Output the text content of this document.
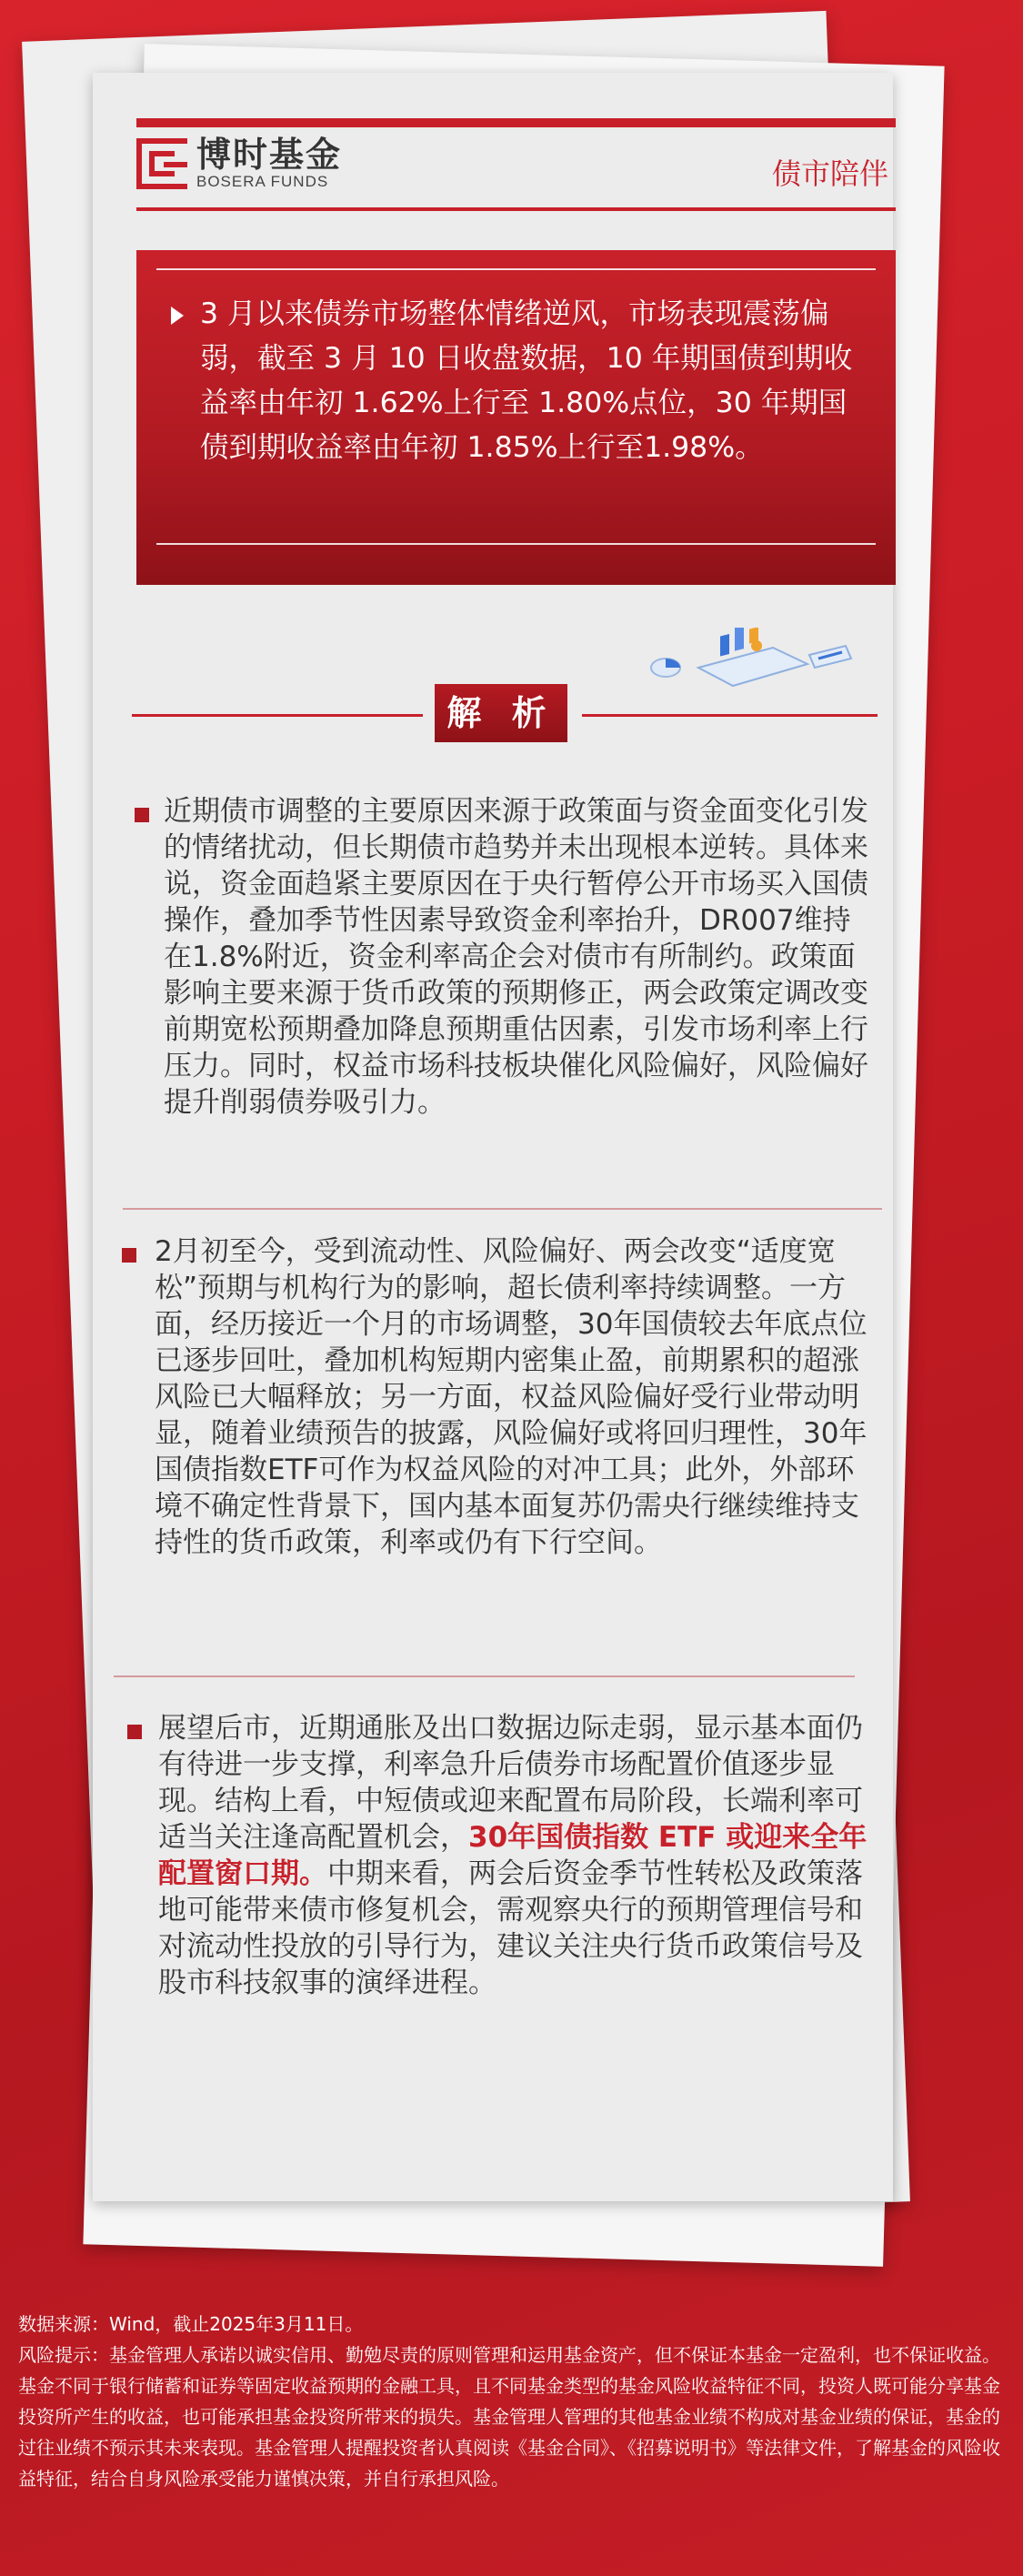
博时基金
BOSERA FUNDS	债市陪伴
3 月以来债券市场整体情绪逆风，市场表现震荡偏弱，截至 3 月 10 日收盘数据，10 年期国债到期收益率由年初 1.62%上行至 1.80%点位，30 年期国债到期收益率由年初 1.85%上行至1.98%。
解 析
近期债市调整的主要原因来源于政策面与资金面变化引发的情绪扰动，但长期债市趋势并未出现根本逆转。具体来说，资金面趋紧主要原因在于央行暂停公开市场买入国债操作，叠加季节性因素导致资金利率抬升，DR007维持在1.8%附近，资金利率高企会对债市有所制约。政策面影响主要来源于货币政策的预期修正，两会政策定调改变前期宽松预期叠加降息预期重估因素，引发市场利率上行压力。同时，权益市场科技板块催化风险偏好，风险偏好提升削弱债券吸引力。
2月初至今，受到流动性、风险偏好、两会改变“适度宽松”预期与机构行为的影响，超长债利率持续调整。一方面，经历接近一个月的市场调整，30年国债较去年底点位已逐步回吐，叠加机构短期内密集止盈，前期累积的超涨风险已大幅释放；另一方面，权益风险偏好受行业带动明显，随着业绩预告的披露，风险偏好或将回归理性，30年国债指数ETF可作为权益风险的对冲工具；此外，外部环境不确定性背景下，国内基本面复苏仍需央行继续维持支持性的货币政策，利率或仍有下行空间。
展望后市，近期通胀及出口数据边际走弱，显示基本面仍有待进一步支撑，利率急升后债券市场配置价值逐步显现。结构上看，中短债或迎来配置布局阶段，长端利率可适当关注逢高配置机会，30年国债指数 ETF 或迎来全年配置窗口期。中期来看，两会后资金季节性转松及政策落地可能带来债市修复机会，需观察央行的预期管理信号和对流动性投放的引导行为，建议关注央行货币政策信号及股市科技叙事的演绎进程。
数据来源：Wind，截止2025年3月11日。
风险提示：基金管理人承诺以诚实信用、勤勉尽责的原则管理和运用基金资产，但不保证本基金一定盈利，也不保证收益。基金不同于银行储蓄和证券等固定收益预期的金融工具，且不同基金类型的基金风险收益特征不同，投资人既可能分享基金投资所产生的收益，也可能承担基金投资所带来的损失。基金管理人管理的其他基金业绩不构成对基金业绩的保证，基金的过往业绩不预示其未来表现。基金管理人提醒投资者认真阅读《基金合同》、《招募说明书》等法律文件，了解基金的风险收益特征，结合自身风险承受能力谨慎决策，并自行承担风险。
